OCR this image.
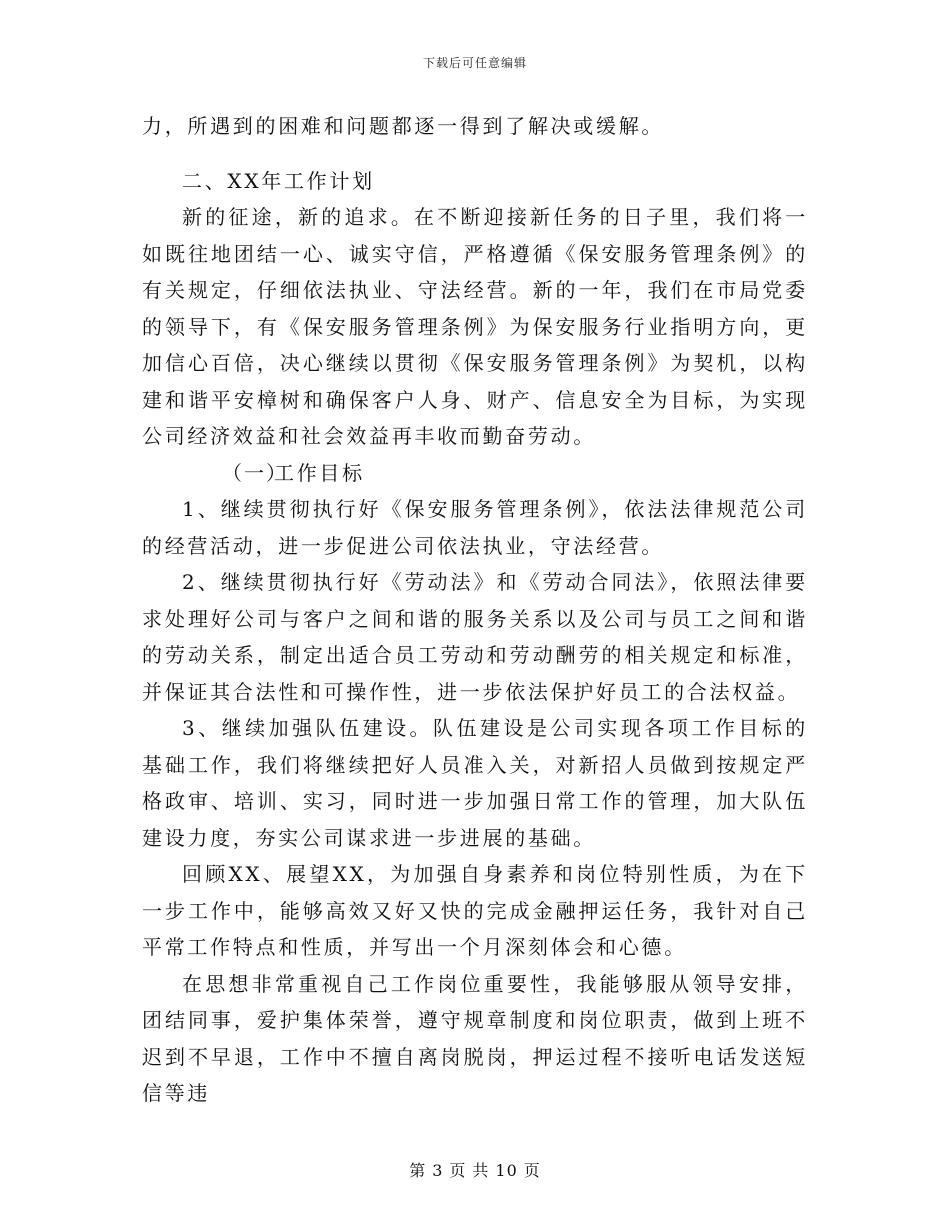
下载后可任意编辑

力，所遇到的困难和问题都逐一得到了解决或缓解。

二、XX年工作计划

新的征途，新的追求。在不断迎接新任务的日子里，我们将一如既往地团结一心、诚实守信，严格遵循《保安服务管理条例》的有关规定，仔细依法执业、守法经营。新的一年，我们在市局党委的领导下，有《保安服务管理条例》为保安服务行业指明方向，更加信心百倍，决心继续以贯彻《保安服务管理条例》为契机，以构建和谐平安樟树和确保客户人身、财产、信息安全为目标，为实现公司经济效益和社会效益再丰收而勤奋劳动。

（一）工作目标

1、继续贯彻执行好《保安服务管理条例》，依法法律规范公司的经营活动，进一步促进公司依法执业，守法经营。

2、继续贯彻执行好《劳动法》和《劳动合同法》，依照法律要求处理好公司与客户之间和谐的服务关系以及公司与员工之间和谐的劳动关系，制定出适合员工劳动和劳动酬劳的相关规定和标准，并保证其合法性和可操作性，进一步依法保护好员工的合法权益。

3、继续加强队伍建设。队伍建设是公司实现各项工作目标的基础工作，我们将继续把好人员准入关，对新招人员做到按规定严格政审、培训、实习，同时进一步加强日常工作的管理，加大队伍建设力度，夯实公司谋求进一步进展的基础。

回顾XX、展望XX，为加强自身素养和岗位特别性质，为在下一步工作中，能够高效又好又快的完成金融押运任务，我针对自己平常工作特点和性质，并写出一个月深刻体会和心德。

在思想非常重视自己工作岗位重要性，我能够服从领导安排，团结同事，爱护集体荣誉，遵守规章制度和岗位职责，做到上班不迟到不早退，工作中不擅自离岗脱岗，押运过程不接听电话发送短信等违

第 3 页 共 10 页
